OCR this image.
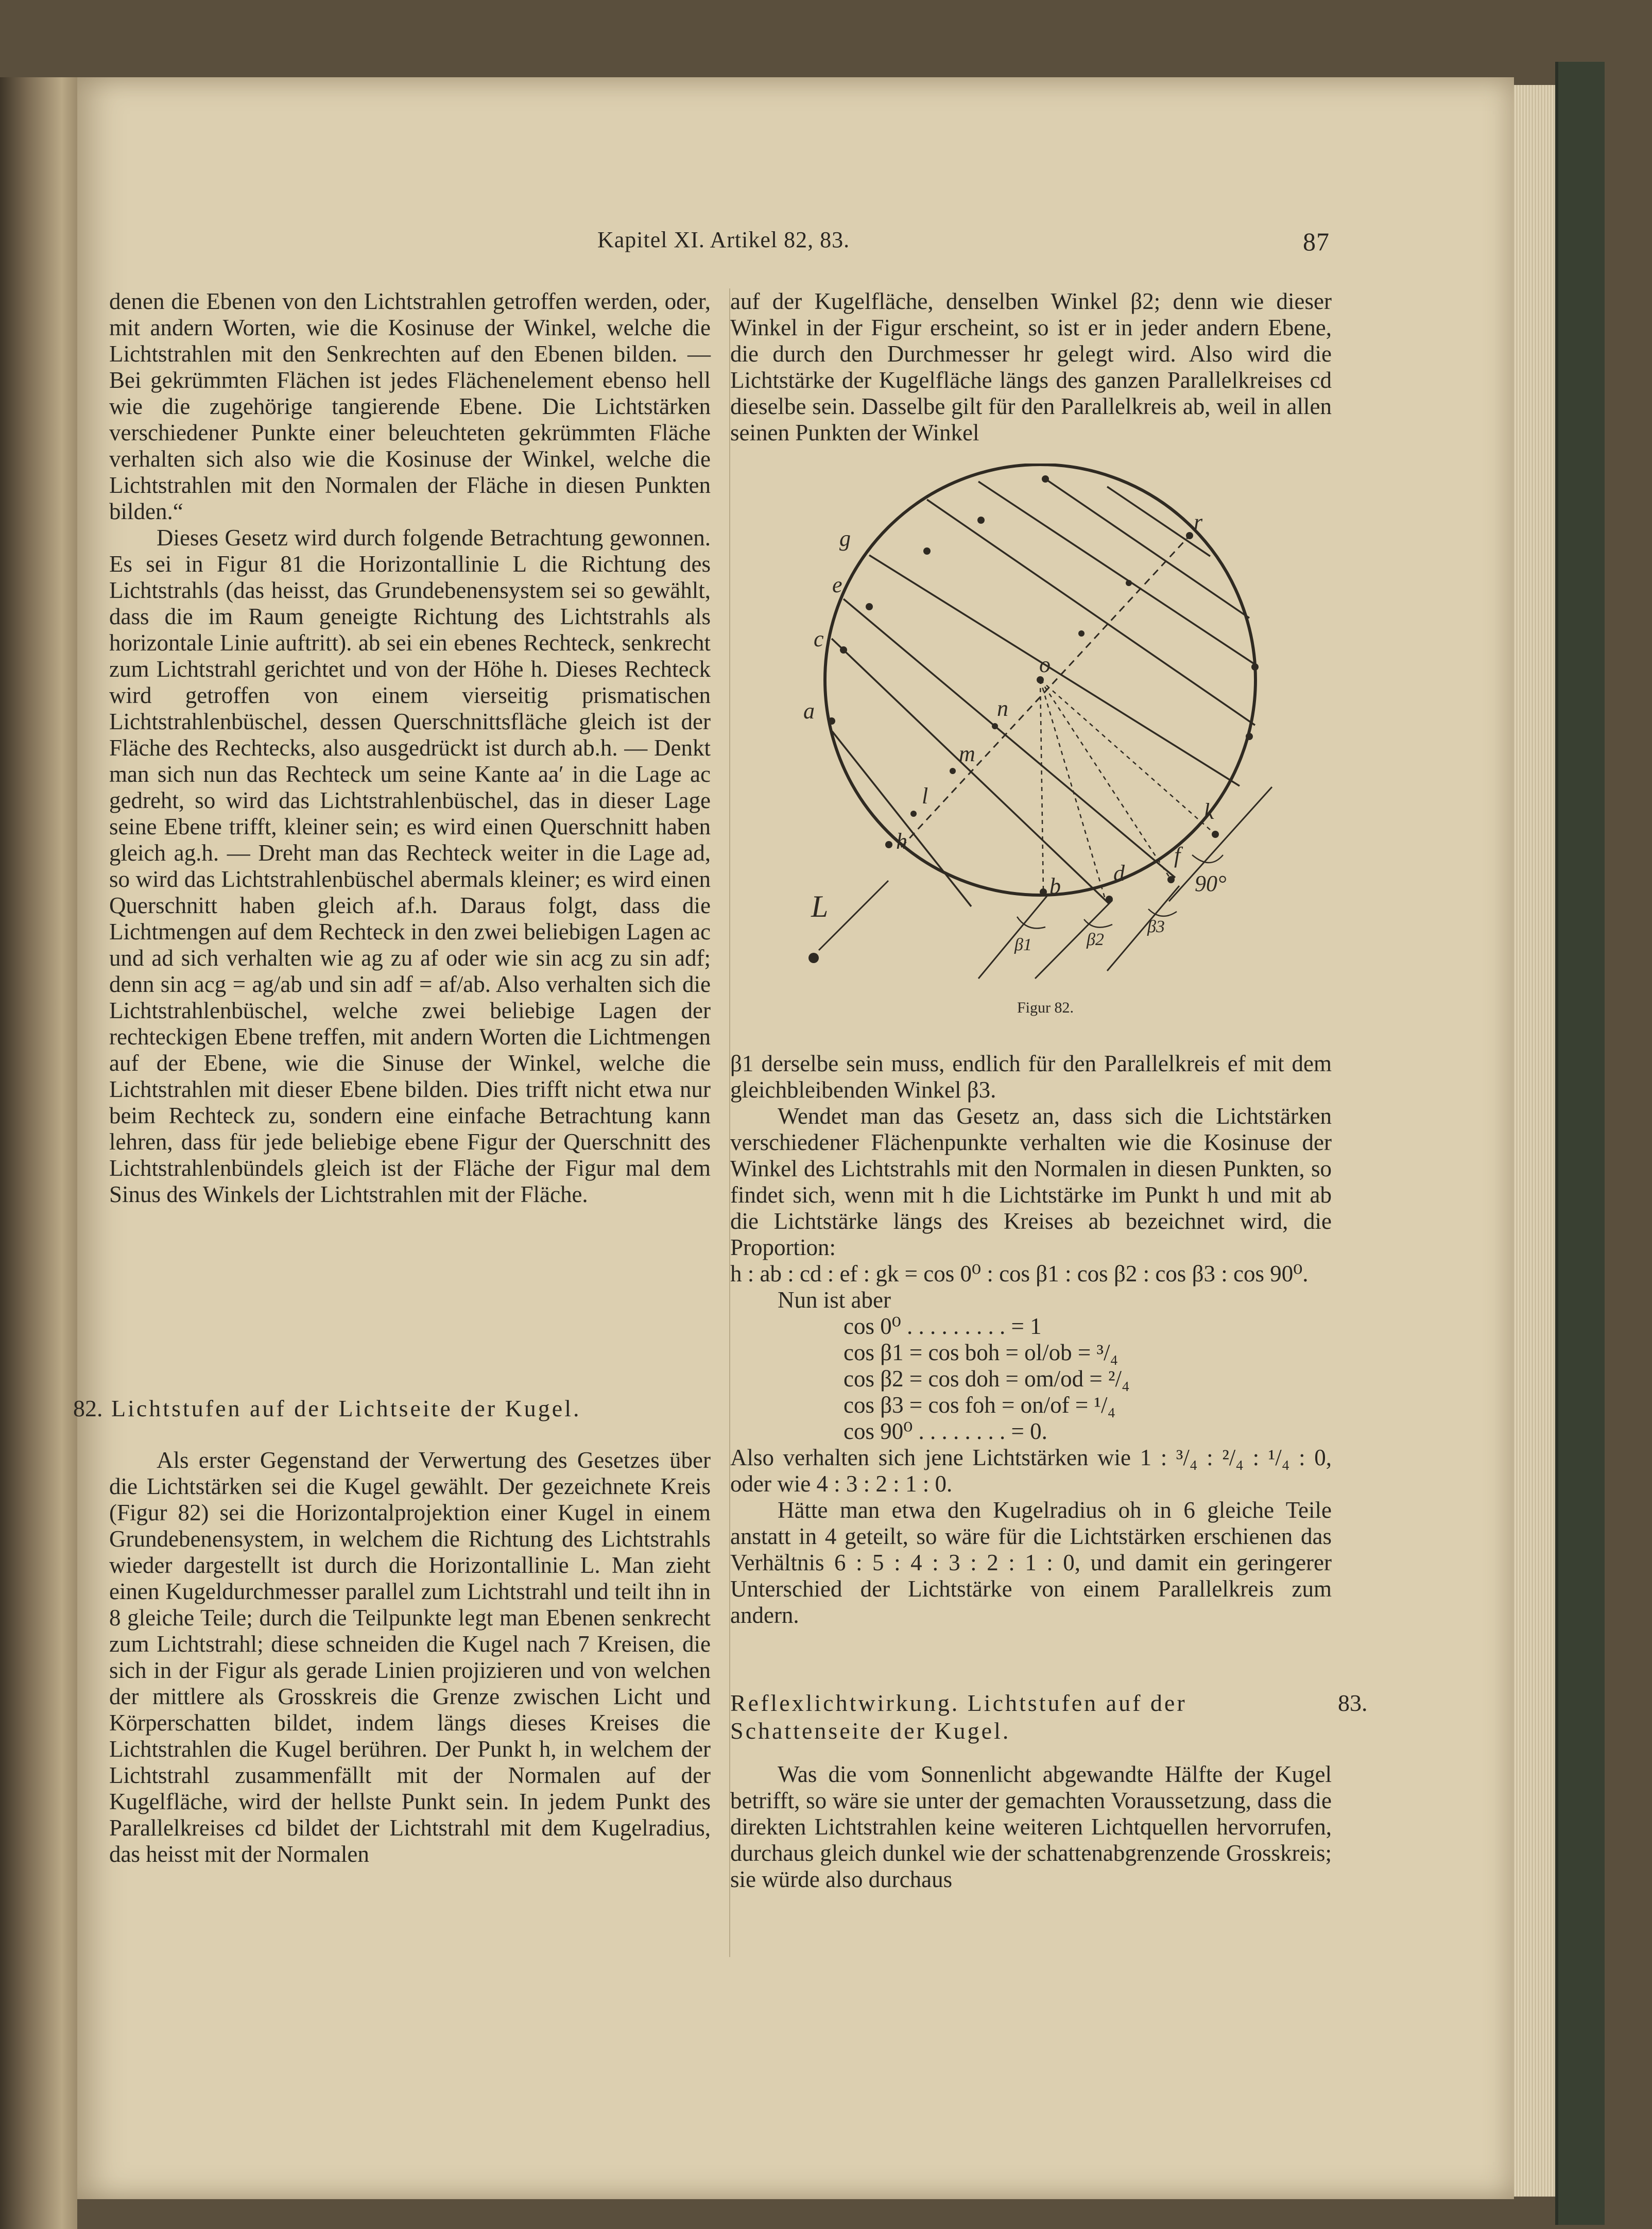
Kapitel XI. Artikel 82, 83.	87

denen die Ebenen von den Lichtstrahlen getroffen werden, oder, mit andern Worten, wie die Kosinuse der Winkel, welche die Lichtstrahlen mit den Senkrechten auf den Ebenen bilden. — Bei gekrümmten Flächen ist jedes Flächenelement ebenso hell wie die zugehörige tangierende Ebene. Die Lichtstärken verschiedener Punkte einer beleuchteten gekrümmten Fläche verhalten sich also wie die Kosinuse der Winkel, welche die Lichtstrahlen mit den Normalen der Fläche in diesen Punkten bilden.“

Dieses Gesetz wird durch folgende Betrachtung gewonnen. Es sei in Figur 81 die Horizontallinie L die Richtung des Lichtstrahls (das heisst, das Grundebenensystem sei so gewählt, dass die im Raum geneigte Richtung des Lichtstrahls als horizontale Linie auftritt). ab sei ein ebenes Rechteck, senkrecht zum Lichtstrahl gerichtet und von der Höhe h. Dieses Rechteck wird getroffen von einem vierseitig prismatischen Lichtstrahlenbüschel, dessen Querschnittsfläche gleich ist der Fläche des Rechtecks, also ausgedrückt ist durch ab.h. — Denkt man sich nun das Rechteck um seine Kante aa′ in die Lage ac gedreht, so wird das Lichtstrahlenbüschel, das in dieser Lage seine Ebene trifft, kleiner sein; es wird einen Querschnitt haben gleich ag.h. — Dreht man das Rechteck weiter in die Lage ad, so wird das Lichtstrahlenbüschel abermals kleiner; es wird einen Querschnitt haben gleich af.h. Daraus folgt, dass die Lichtmengen auf dem Rechteck in den zwei beliebigen Lagen ac und ad sich verhalten wie ag zu af oder wie sin acg zu sin adf; denn sin acg = ag/ab und sin adf = af/ab. Also verhalten sich die Lichtstrahlenbüschel, welche zwei beliebige Lagen der rechteckigen Ebene treffen, mit andern Worten die Lichtmengen auf der Ebene, wie die Sinuse der Winkel, welche die Lichtstrahlen mit dieser Ebene bilden. Dies trifft nicht etwa nur beim Rechteck zu, sondern eine einfache Betrachtung kann lehren, dass für jede beliebige ebene Figur der Querschnitt des Lichtstrahlenbündels gleich ist der Fläche der Figur mal dem Sinus des Winkels der Lichtstrahlen mit der Fläche.

82. Lichtstufen auf der Lichtseite der Kugel.

Als erster Gegenstand der Verwertung des Gesetzes über die Lichtstärken sei die Kugel gewählt. Der gezeichnete Kreis (Figur 82) sei die Horizontalprojektion einer Kugel in einem Grundebenensystem, in welchem die Richtung des Lichtstrahls wieder dargestellt ist durch die Horizontallinie L. Man zieht einen Kugeldurchmesser parallel zum Lichtstrahl und teilt ihn in 8 gleiche Teile; durch die Teilpunkte legt man Ebenen senkrecht zum Lichtstrahl; diese schneiden die Kugel nach 7 Kreisen, die sich in der Figur als gerade Linien projizieren und von welchen der mittlere als Grosskreis die Grenze zwischen Licht und Körperschatten bildet, indem längs dieses Kreises die Lichtstrahlen die Kugel berühren. Der Punkt h, in welchem der Lichtstrahl zusammenfällt mit der Normalen auf der Kugelfläche, wird der hellste Punkt sein. In jedem Punkt des Parallelkreises cd bildet der Lichtstrahl mit dem Kugelradius, das heisst mit der Normalen

auf der Kugelfläche, denselben Winkel β2; denn wie dieser Winkel in der Figur erscheint, so ist er in jeder andern Ebene, die durch den Durchmesser hr gelegt wird. Also wird die Lichtstärke der Kugelfläche längs des ganzen Parallelkreises cd dieselbe sein. Dasselbe gilt für den Parallelkreis ab, weil in allen seinen Punkten der Winkel

g
e
c
a
r
o
n
m
l
h
b
d
f
k
90°
L
β1	β2
β3
Figur 82.

β1 derselbe sein muss, endlich für den Parallelkreis ef mit dem gleichbleibenden Winkel β3.

Wendet man das Gesetz an, dass sich die Lichtstärken verschiedener Flächenpunkte verhalten wie die Kosinuse der Winkel des Lichtstrahls mit den Normalen in diesen Punkten, so findet sich, wenn mit h die Lichtstärke im Punkt h und mit ab die Lichtstärke längs des Kreises ab bezeichnet wird, die Proportion:

h : ab : cd : ef : gk = cos 0⁰ : cos β1 : cos β2 : cos β3 : cos 90⁰.

Nun ist aber

cos 0⁰ . . . . . . . . . = 1

cos β1 = cos boh = ol/ob = ³/₄

cos β2 = cos doh = om/od = ²/₄

cos β3 = cos foh = on/of = ¹/₄

cos 90⁰ . . . . . . . . = 0.

Also verhalten sich jene Lichtstärken wie 1 : ³/₄ : ²/₄ : ¹/₄ : 0, oder wie 4 : 3 : 2 : 1 : 0.

Hätte man etwa den Kugelradius oh in 6 gleiche Teile anstatt in 4 geteilt, so wäre für die Lichtstärken erschienen das Verhältnis 6 : 5 : 4 : 3 : 2 : 1 : 0, und damit ein geringerer Unterschied der Lichtstärke von einem Parallelkreis zum andern.

Reflexlichtwirkung. Lichtstufen auf der Schattenseite der Kugel.
83.

Was die vom Sonnenlicht abgewandte Hälfte der Kugel betrifft, so wäre sie unter der gemachten Voraussetzung, dass die direkten Lichtstrahlen keine weiteren Lichtquellen hervorrufen, durchaus gleich dunkel wie der schattenabgrenzende Grosskreis; sie würde also durchaus
